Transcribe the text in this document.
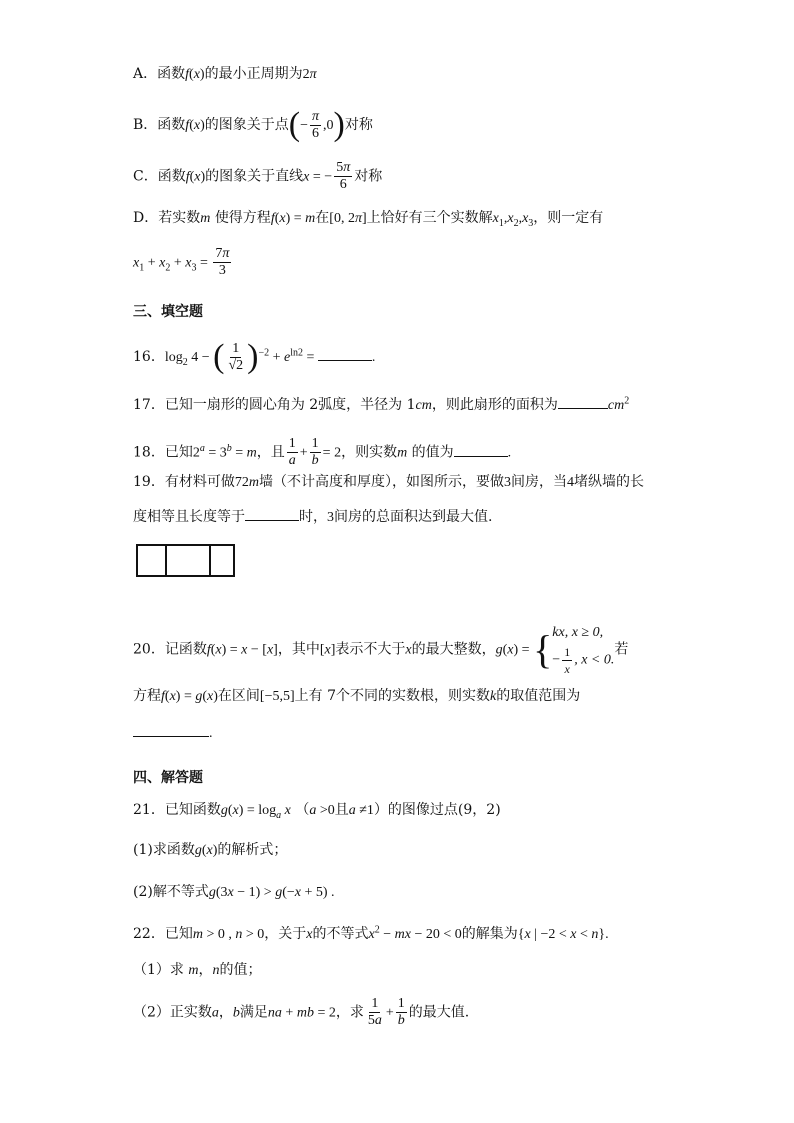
A．函数f(x)的最小正周期为2π
B．函数f(x)的图象关于点(− $\frac{\pi}{6} ,0$)对称
C．函数f(x)的图象关于直线x = − $\frac{5\pi}{6}$ 对称
D．若实数m 使得方程f(x) = m在[0, 2π]上恰好有三个实数解$x_1,x_2,x_3$，则一定有
$x_1 + x_2 + x_3 = \frac{7\pi}{3}$
三、填空题
16．$\log_2 4$ − ( $\frac{1}{√2} )^{-2} + e^{ln2}$ =	.
17．已知一扇形的圆心角为 2弧度，半径为 1cm，则此扇形的面积为	$cm^2$
18．已知$2^a = 3^b = m$，且 $\frac{1}{a} + \frac{1}{b} = 2$，则实数m 的值为	.
19．有材料可做72m墙（不计高度和厚度），如图所示，要做3间房，当4堵纵墙的长
度相等且长度等于	时，3间房的总面积达到最大值.
20．记函数f(x) = x − [x]，其中[x]表示不大于x的最大整数，g(x) = { kx, x ≥ 0,
− $\frac{1}{x}$ , x < 0.
若
方程f(x) = g(x)在区间[−5,5]上有 7个不同的实数根，则实数k的取值范围为
.
四、解答题
21．已知函数$g(x) = \log_a x$ （a >0且a ≠1）的图像过点(9，2)
(1)求函数g(x)的解析式；
(2)解不等式g(3x − 1) > g(−x + 5) .
22．已知m > 0 , n > 0，关于x的不等式$x^2$ − mx − 20 < 0的解集为{x | −2 < x < n}.
（1）求 m，n的值；
（2）正实数a，b满足na + mb = 2，求 $\frac{1}{5a} + \frac{1}{b}$ 的最大值.
